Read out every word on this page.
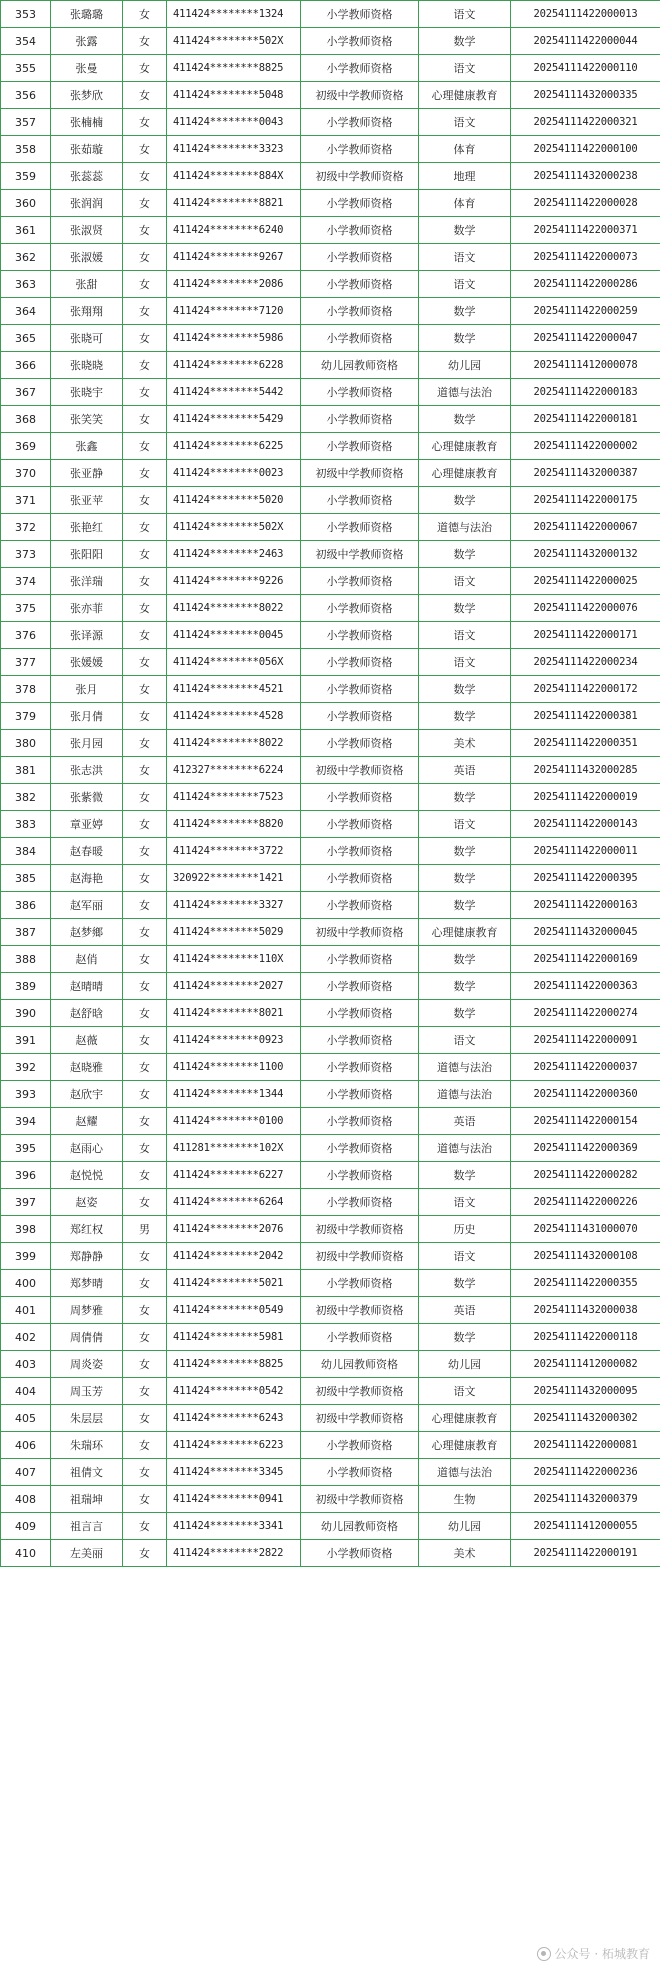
353	张璐璐	女	411424********1324	小学教师资格	语文	20254111422000013
354	张露	女	411424********502X	小学教师资格	数学	20254111422000044
355	张曼	女	411424********8825	小学教师资格	语文	20254111422000110
356	张梦欣	女	411424********5048	初级中学教师资格	心理健康教育	20254111432000335
357	张楠楠	女	411424********0043	小学教师资格	语文	20254111422000321
358	张茹璇	女	411424********3323	小学教师资格	体育	20254111422000100
359	张蕊蕊	女	411424********884X	初级中学教师资格	地理	20254111432000238
360	张润润	女	411424********8821	小学教师资格	体育	20254111422000028
361	张淑贤	女	411424********6240	小学教师资格	数学	20254111422000371
362	张淑媛	女	411424********9267	小学教师资格	语文	20254111422000073
363	张甜	女	411424********2086	小学教师资格	语文	20254111422000286
364	张翔翔	女	411424********7120	小学教师资格	数学	20254111422000259
365	张晓可	女	411424********5986	小学教师资格	数学	20254111422000047
366	张晓晓	女	411424********6228	幼儿园教师资格	幼儿园	20254111412000078
367	张晓宇	女	411424********5442	小学教师资格	道德与法治	20254111422000183
368	张笑笑	女	411424********5429	小学教师资格	数学	20254111422000181
369	张鑫	女	411424********6225	小学教师资格	心理健康教育	20254111422000002
370	张亚静	女	411424********0023	初级中学教师资格	心理健康教育	20254111432000387
371	张亚苹	女	411424********5020	小学教师资格	数学	20254111422000175
372	张艳红	女	411424********502X	小学教师资格	道德与法治	20254111422000067
373	张阳阳	女	411424********2463	初级中学教师资格	数学	20254111432000132
374	张洋瑞	女	411424********9226	小学教师资格	语文	20254111422000025
375	张亦菲	女	411424********8022	小学教师资格	数学	20254111422000076
376	张译源	女	411424********0045	小学教师资格	语文	20254111422000171
377	张媛媛	女	411424********056X	小学教师资格	语文	20254111422000234
378	张月	女	411424********4521	小学教师资格	数学	20254111422000172
379	张月倩	女	411424********4528	小学教师资格	数学	20254111422000381
380	张月园	女	411424********8022	小学教师资格	美术	20254111422000351
381	张志洪	女	412327********6224	初级中学教师资格	英语	20254111432000285
382	张紫微	女	411424********7523	小学教师资格	数学	20254111422000019
383	章亚婷	女	411424********8820	小学教师资格	语文	20254111422000143
384	赵春暖	女	411424********3722	小学教师资格	数学	20254111422000011
385	赵海艳	女	320922********1421	小学教师资格	数学	20254111422000395
386	赵军丽	女	411424********3327	小学教师资格	数学	20254111422000163
387	赵梦鄉	女	411424********5029	初级中学教师资格	心理健康教育	20254111432000045
388	赵俏	女	411424********110X	小学教师资格	数学	20254111422000169
389	赵晴晴	女	411424********2027	小学教师资格	数学	20254111422000363
390	赵舒晗	女	411424********8021	小学教师资格	数学	20254111422000274
391	赵薇	女	411424********0923	小学教师资格	语文	20254111422000091
392	赵晓雅	女	411424********1100	小学教师资格	道德与法治	20254111422000037
393	赵欣宇	女	411424********1344	小学教师资格	道德与法治	20254111422000360
394	赵耀	女	411424********0100	小学教师资格	英语	20254111422000154
395	赵雨心	女	411281********102X	小学教师资格	道德与法治	20254111422000369
396	赵悦悦	女	411424********6227	小学教师资格	数学	20254111422000282
397	赵姿	女	411424********6264	小学教师资格	语文	20254111422000226
398	郑红权	男	411424********2076	初级中学教师资格	历史	20254111431000070
399	郑静静	女	411424********2042	初级中学教师资格	语文	20254111432000108
400	郑梦晴	女	411424********5021	小学教师资格	数学	20254111422000355
401	周梦雅	女	411424********0549	初级中学教师资格	英语	20254111432000038
402	周倩倩	女	411424********5981	小学教师资格	数学	20254111422000118
403	周炎姿	女	411424********8825	幼儿园教师资格	幼儿园	20254111412000082
404	周玉芳	女	411424********0542	初级中学教师资格	语文	20254111432000095
405	朱层层	女	411424********6243	初级中学教师资格	心理健康教育	20254111432000302
406	朱瑞环	女	411424********6223	小学教师资格	心理健康教育	20254111422000081
407	祖倩文	女	411424********3345	小学教师资格	道德与法治	20254111422000236
408	祖瑞坤	女	411424********0941	初级中学教师资格	生物	20254111432000379
409	祖言言	女	411424********3341	幼儿园教师资格	幼儿园	20254111412000055
410	左美丽	女	411424********2822	小学教师资格	美术	20254111422000191
公众号 · 柘城教育
